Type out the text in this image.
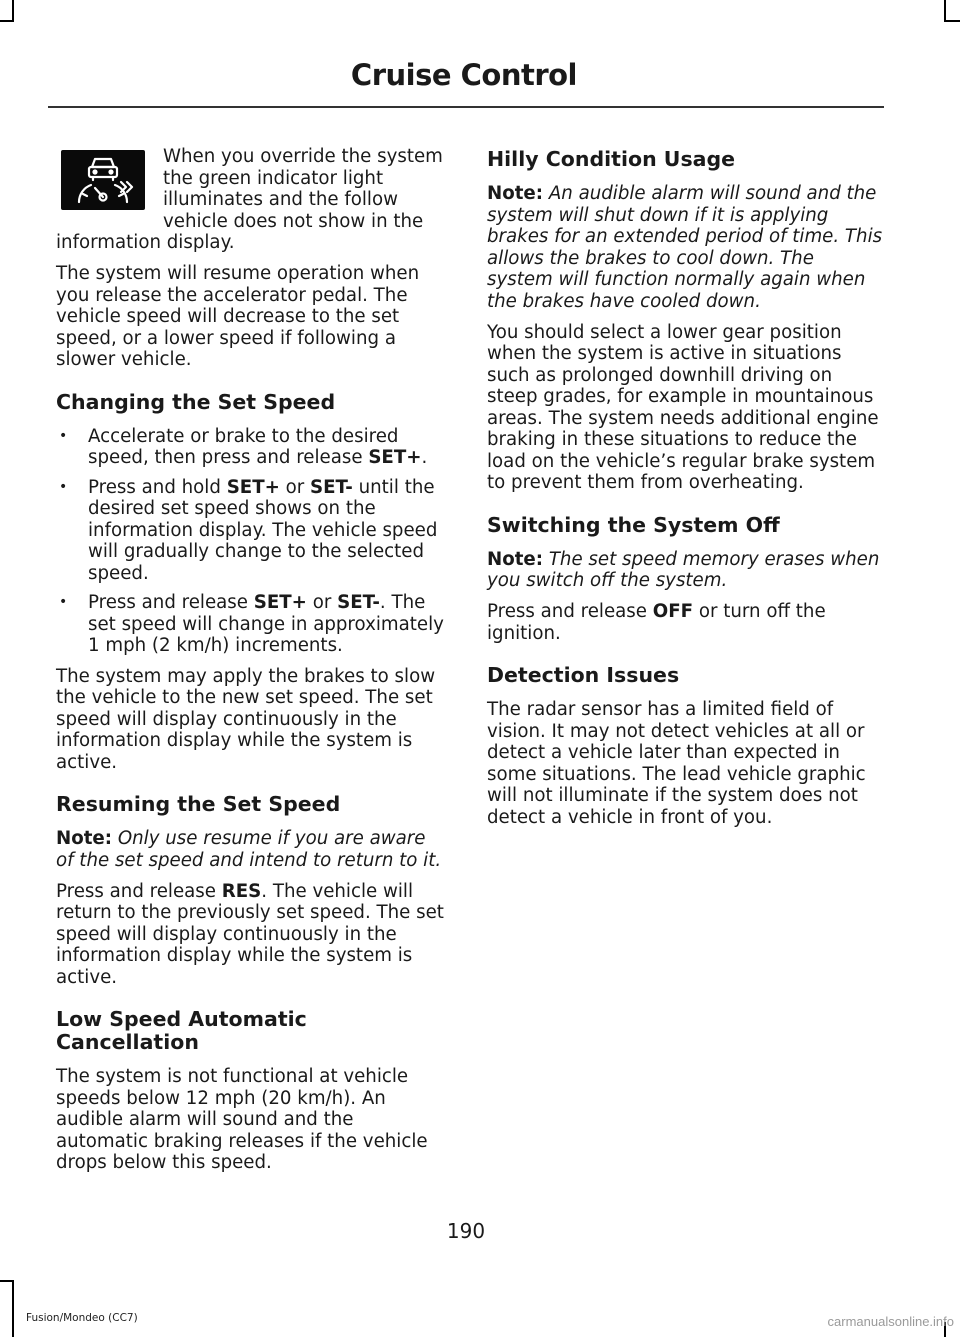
Cruise Control

When you override the system the green indicator light illuminates and the follow vehicle does not show in the information display.

The system will resume operation when you release the accelerator pedal. The vehicle speed will decrease to the set speed, or a lower speed if following a slower vehicle.

Changing the Set Speed
• Accelerate or brake to the desired speed, then press and release SET+.
• Press and hold SET+ or SET- until the desired set speed shows on the information display. The vehicle speed will gradually change to the selected speed.
• Press and release SET+ or SET-. The set speed will change in approximately 1 mph (2 km/h) increments.

The system may apply the brakes to slow the vehicle to the new set speed. The set speed will display continuously in the information display while the system is active.

Resuming the Set Speed

Note: Only use resume if you are aware of the set speed and intend to return to it.

Press and release RES. The vehicle will return to the previously set speed. The set speed will display continuously in the information display while the system is active.

Low Speed Automatic Cancellation

The system is not functional at vehicle speeds below 12 mph (20 km/h). An audible alarm will sound and the automatic braking releases if the vehicle drops below this speed.

Hilly Condition Usage

Note: An audible alarm will sound and the system will shut down if it is applying brakes for an extended period of time. This allows the brakes to cool down. The system will function normally again when the brakes have cooled down.

You should select a lower gear position when the system is active in situations such as prolonged downhill driving on steep grades, for example in mountainous areas. The system needs additional engine braking in these situations to reduce the load on the vehicle’s regular brake system to prevent them from overheating.

Switching the System Off

Note: The set speed memory erases when you switch off the system.

Press and release OFF or turn off the ignition.

Detection Issues

The radar sensor has a limited field of vision. It may not detect vehicles at all or detect a vehicle later than expected in some situations. The lead vehicle graphic will not illuminate if the system does not detect a vehicle in front of you.

190
Fusion/Mondeo (CC7)	carmanualsonline.info
